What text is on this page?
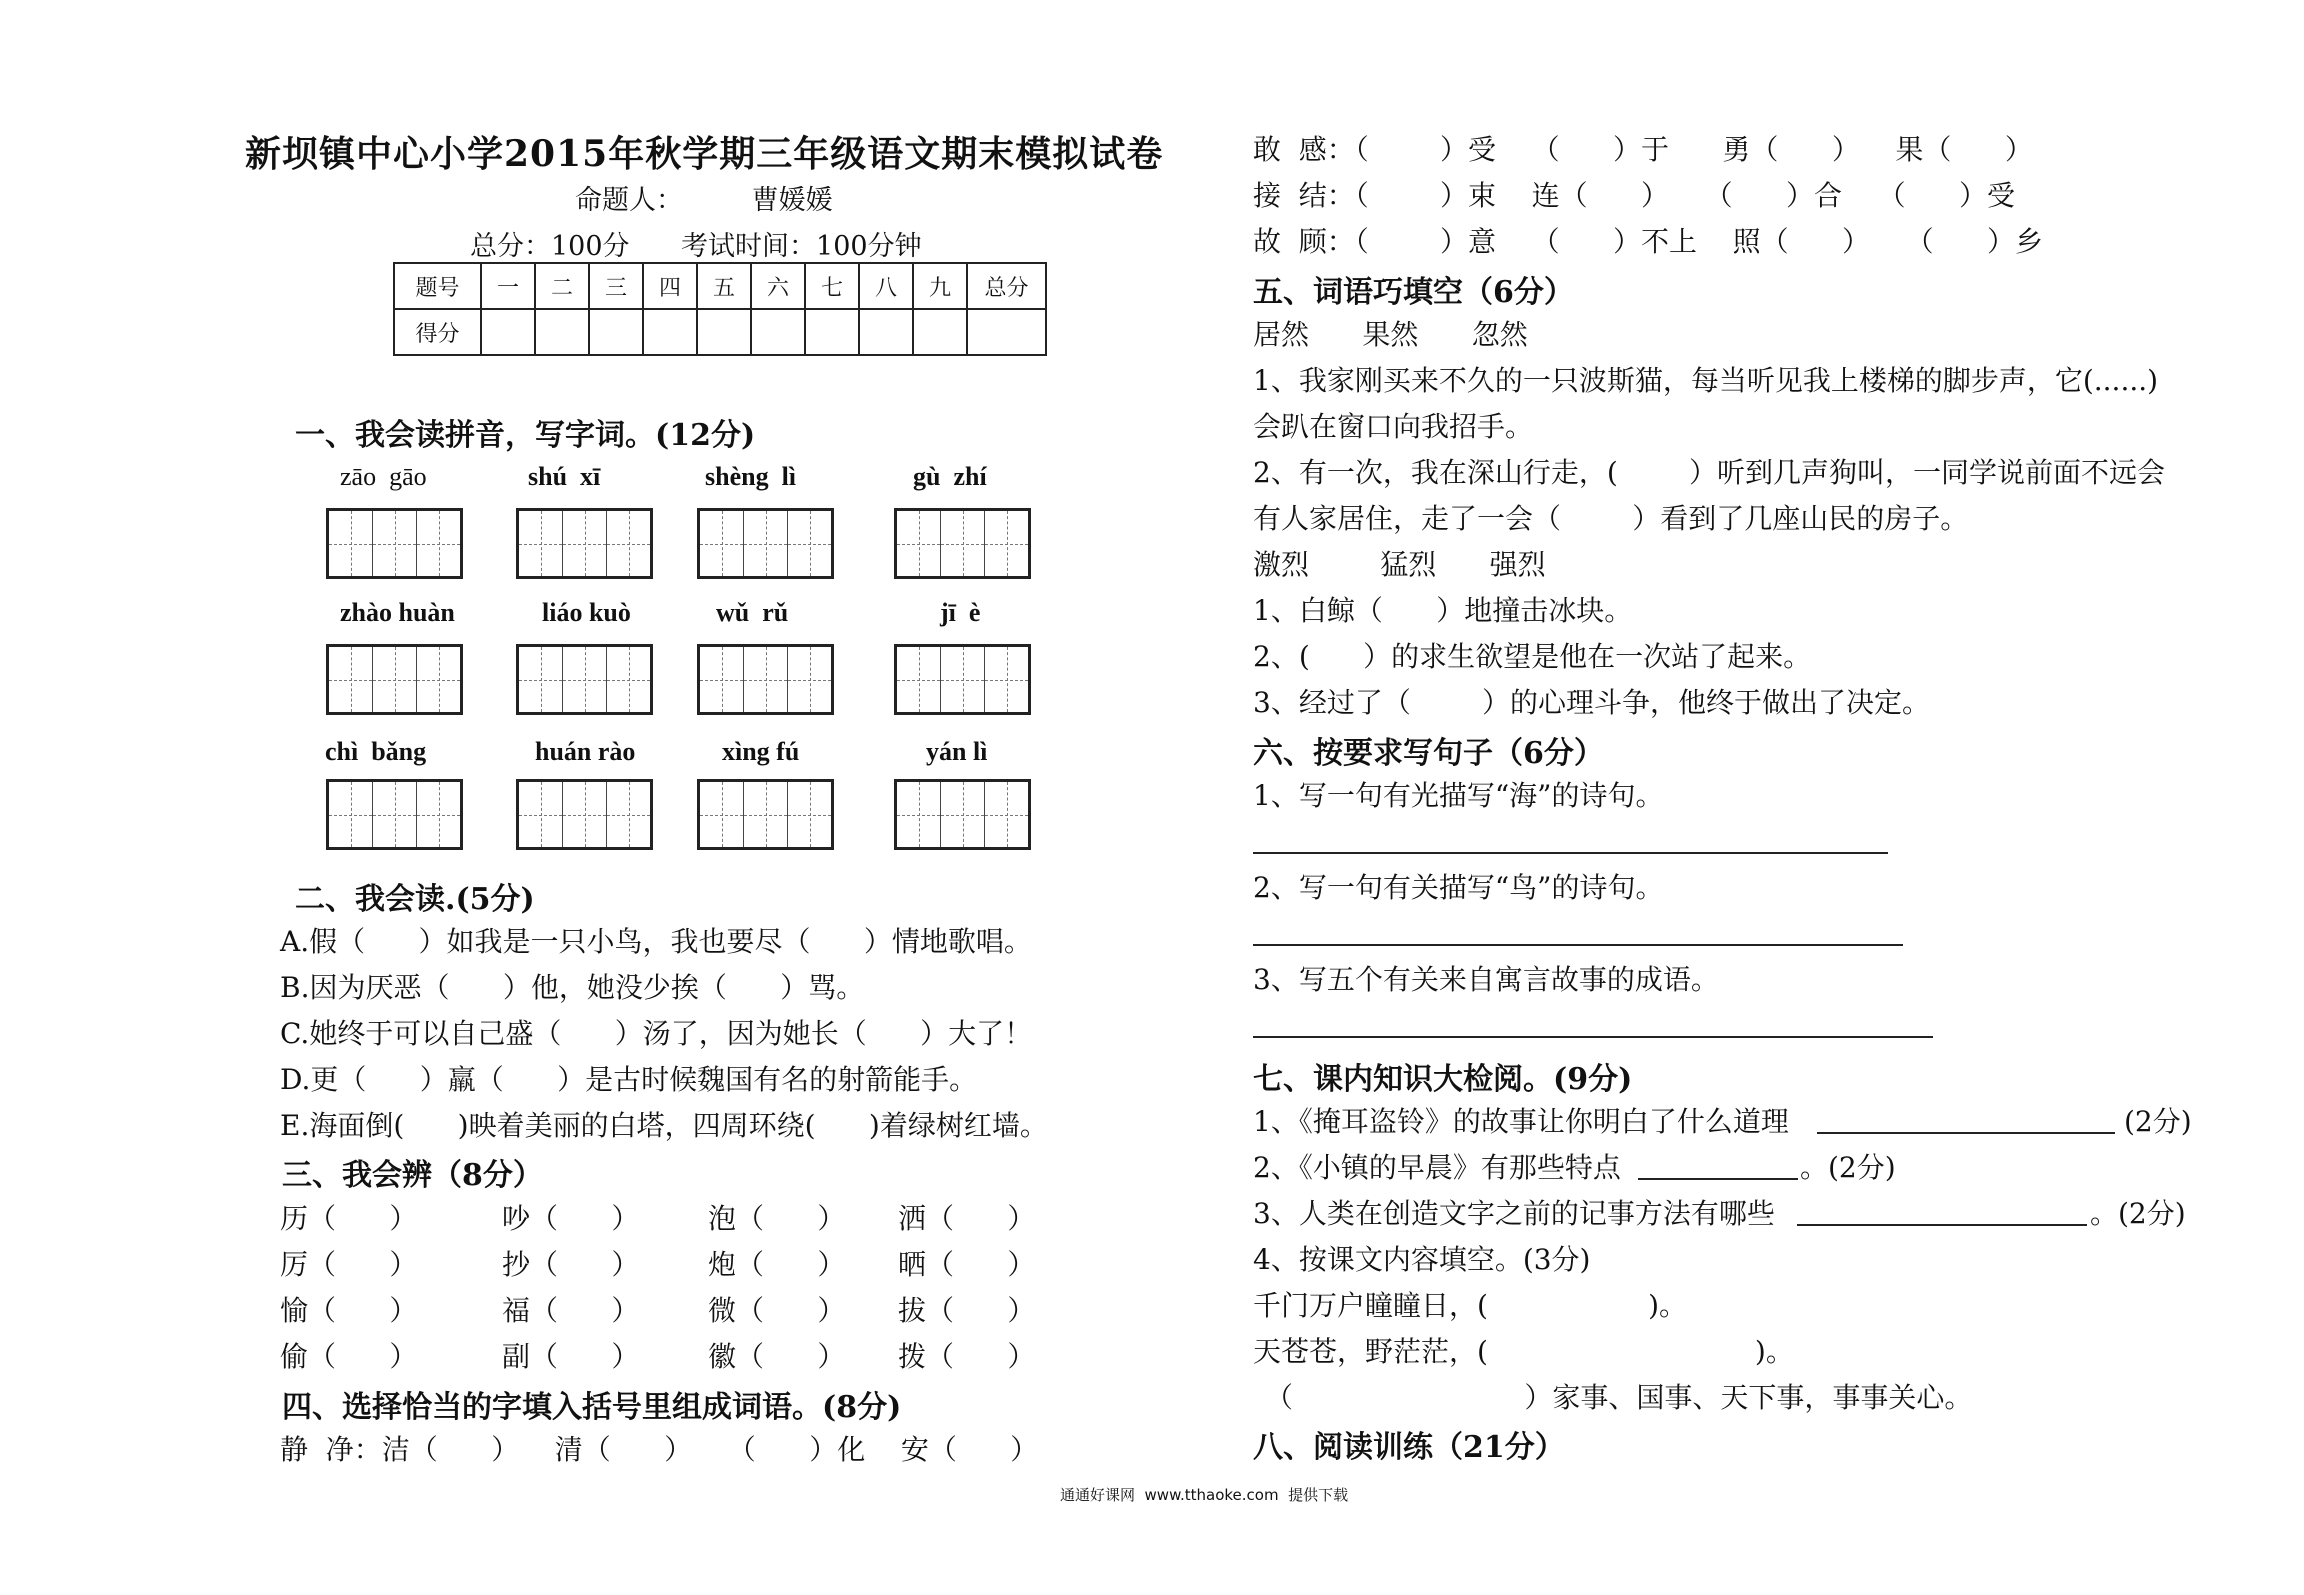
新坝镇中心小学2015年秋学期三年级语文期末模拟试卷
命题人：        曹媛媛
总分：100分      考试时间：100分钟
题号	一	二	三	四	五	六	七	八	九	总分
得分										
一、我会读拼音，写字词。(12分)
zāo  gāo	shú  xī	shèng  lì	gù  zhí
zhào huàn	liáo kuò	wǔ  rǔ	jī  è
chì  bǎng	huán rào	xìng fú	yán lì
二、我会读.(5分)
A.假（      ）如我是一只小鸟，我也要尽（      ）情地歌唱。
B.因为厌恶（      ）他，她没少挨（      ）骂。
C.她终于可以自己盛（      ）汤了，因为她长（      ）大了！
D.更（      ）羸（      ）是古时候魏国有名的射箭能手。
E.海面倒(      )映着美丽的白塔，四周环绕(      )着绿树红墙。
三、我会辨（8分）
历（      ）	吵（      ） 泡（      ） 洒（      ）
厉（      ）	抄（      ） 炮（      ） 晒（      ）
愉（      ）	福（      ） 微（      ） 拔（      ）
偷（      ）	副（      ） 徽（      ） 拨（      ）
四、选择恰当的字填入括号里组成词语。(8分)
静  净：洁（      ）    清（      ）    （      ）化    安（      ）
敢  感：（        ）受    （      ）于      勇（      ）    果（      ）
接  结：（        ）束    连（      ）    （      ）合    （      ）受
故  顾：（        ）意    （      ）不上    照（      ）    （      ）乡
五、词语巧填空（6分）
居然      果然      忽然
1、我家刚买来不久的一只波斯猫，每当听见我上楼梯的脚步声，它(......)
会趴在窗口向我招手。
2、有一次，我在深山行走，(        ）听到几声狗叫，一同学说前面不远会
有人家居住，走了一会（        ）看到了几座山民的房子。
激烈        猛烈      强烈
1、白鲸（      ）地撞击冰块。
2、(      ）的求生欲望是他在一次站了起来。
3、经过了（        ）的心理斗争，他终于做出了决定。
六、按要求写句子（6分）
1、写一句有光描写“海”的诗句。
2、写一句有关描写“鸟”的诗句。
3、写五个有关来自寓言故事的成语。
七、课内知识大检阅。(9分)
1、《掩耳盗铃》的故事让你明白了什么道理	(2分)
2、《小镇的早晨》有那些特点	。(2分)
3、人类在创造文字之前的记事方法有哪些	。(2分)
4、按课文内容填空。(3分)
千门万户瞳瞳日，(                  )。
天苍苍，野茫茫，(                              )。
（                          ）家事、国事、天下事，事事关心。
八、阅读训练（21分）
通通好课网  www.tthaoke.com  提供下载
